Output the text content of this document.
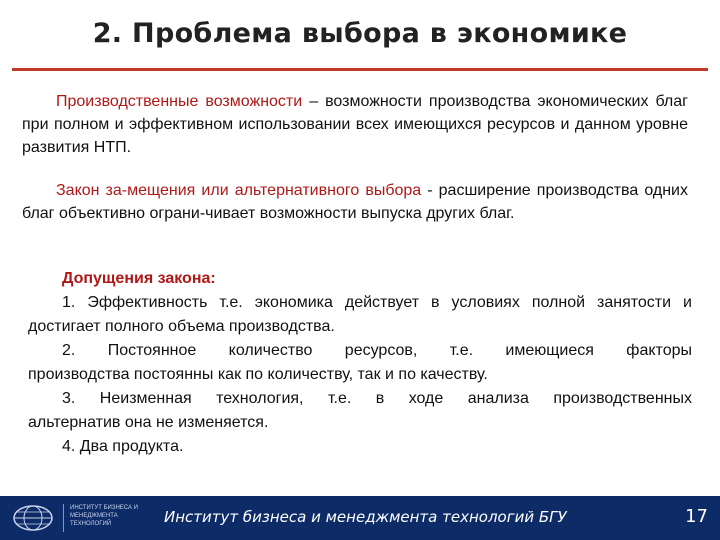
2. Проблема выбора в экономике
Производственные возможности – возможности производства экономических благ при полном и эффективном использовании всех имеющихся ресурсов и данном уровне развития НТП.
Закон за-мещения или альтернативного выбора - расширение производства одних благ объективно ограни-чивает возможности выпуска других благ.
Допущения закона:
1. Эффективность т.е. экономика действует в условиях полной занятости и
достигает полного объема производства.
2. Постоянное количество ресурсов, т.е. имеющиеся факторы
производства постоянны как по количеству, так и по качеству.
3. Неизменная технология, т.е. в ходе анализа производственных
альтернатив она не изменяется.
4. Два продукта.
ИНСТИТУТ БИЗНЕСА И МЕНЕДЖМЕНТА ТЕХНОЛОГИЙ	Институт бизнеса и менеджмента технологий БГУ	17
